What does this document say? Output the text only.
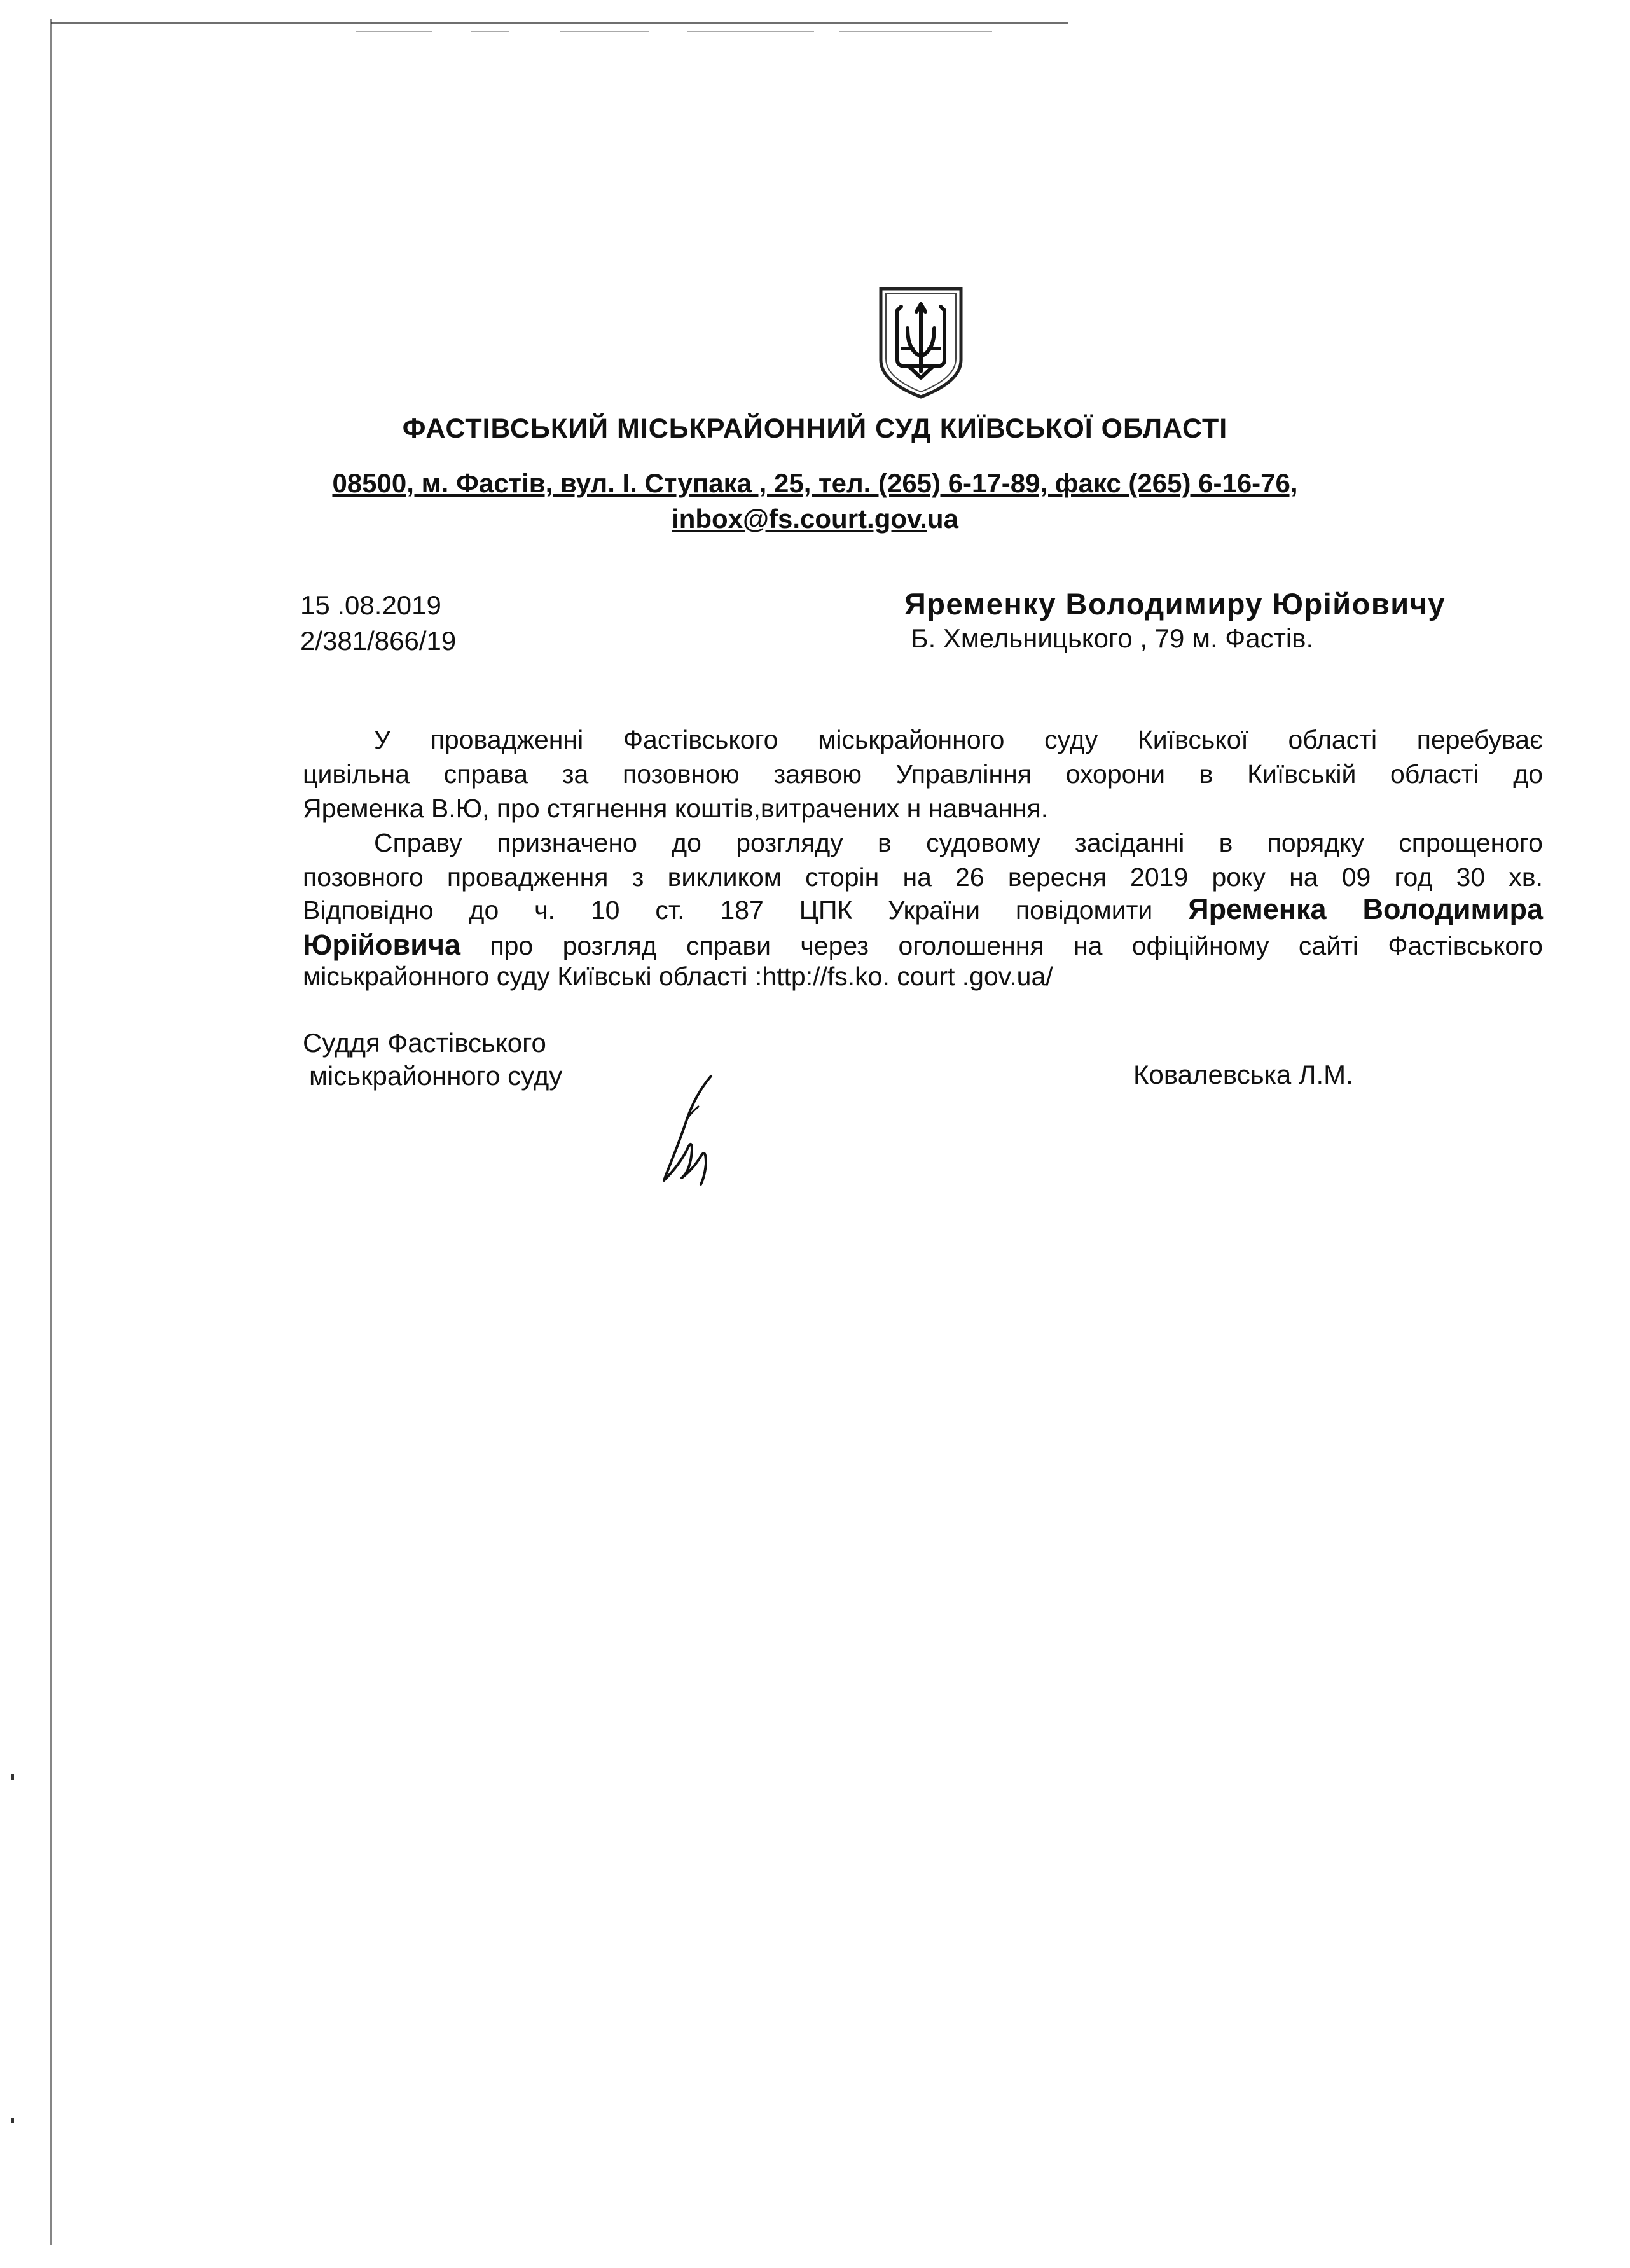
ФАСТІВСЬКИЙ МІСЬКРАЙОННИЙ СУД КИЇВСЬКОЇ ОБЛАСТІ
08500, м. Фастів, вул. І. Ступака , 25, тел. (265) 6-17-89, факс (265) 6-16-76,
inbox@fs.court.gov.ua
15 .08.2019
2/381/866/19
Яременку Володимиру Юрійовичу
Б. Хмельницького , 79 м. Фастів.
У провадженні Фастівського міськрайонного суду Київської області перебуває
цивільна справа за позовною заявою Управління охорони в Київській області до
Яременка В.Ю, про стягнення коштів,витрачених н навчання.
Справу призначено до розгляду в судовому засіданні в порядку спрощеного
позовного провадження з викликом сторін на 26 вересня 2019 року на 09 год 30 хв.
Відповідно до ч. 10 ст. 187 ЦПК України повідомити Яременка Володимира
Юрійовича про розгляд справи через оголошення на офіційному сайті Фастівського
міськрайонного суду Київські області :http://fs.ko. court .gov.ua/
Суддя Фастівського
міськрайонного суду	Ковалевська Л.М.
